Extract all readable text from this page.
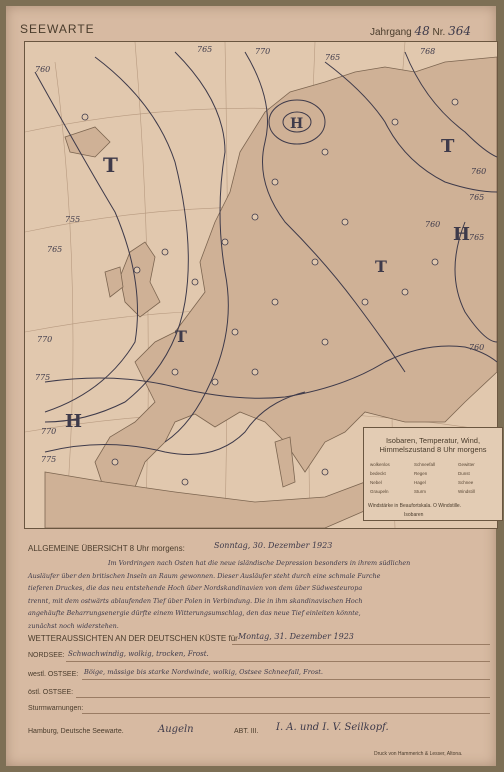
SEEWARTE	Jahrgang 48 Nr. 364
760
765	770
765
768
760
765
765
760
755
765
770
775
760
770
775
T
H
T
H
T
T
H
Isobaren, Temperatur, Wind,
Himmelszustand 8 Uhr morgens
wolkenlos	Schneefall	Gewitter
bedeckt	Regen	Dunst
Nebel	Hagel	Schnee
Graupeln	Sturm	Windstill
Windstärke in Beaufortskala. O Windstille.
Isobaren
ALLGEMEINE ÜBERSICHT 8 Uhr morgens:	Sonntag, 30. Dezember 1923
Im Vordringen nach Osten hat die neue isländische Depression besonders in ihrem südlichen
Ausläufer über den britischen Inseln an Raum gewonnen. Dieser Ausläufer steht durch eine schmale Furche
tieferen Druckes, die das neu entstehende Hoch über Nordskandinavien von dem über Südwesteuropa
trennt, mit dem ostwärts ablaufenden Tief über Polen in Verbindung. Die in ihm skandinavischen Hoch
angehäufte Beharrungsenergie dürfte einem Witterungsumschlag, den das neue Tief einleiten könnte,
zunächst noch widerstehen.
WETTERAUSSICHTEN AN DER DEUTSCHEN KÜSTE für Montag, 31. Dezember 1923
NORDSEE: Schwachwindig, wolkig, trocken, Frost.
westl. OSTSEE: Böige, mässige bis starke Nordwinde, wolkig, Ostsee Schneefall, Frost.
östl. OSTSEE:
Sturmwarnungen:
Hamburg, Deutsche Seewarte.	Augeln	ABT. III. I. A. und I. V. Seilkopf.
Druck von Hammerich & Lesser, Altona.
